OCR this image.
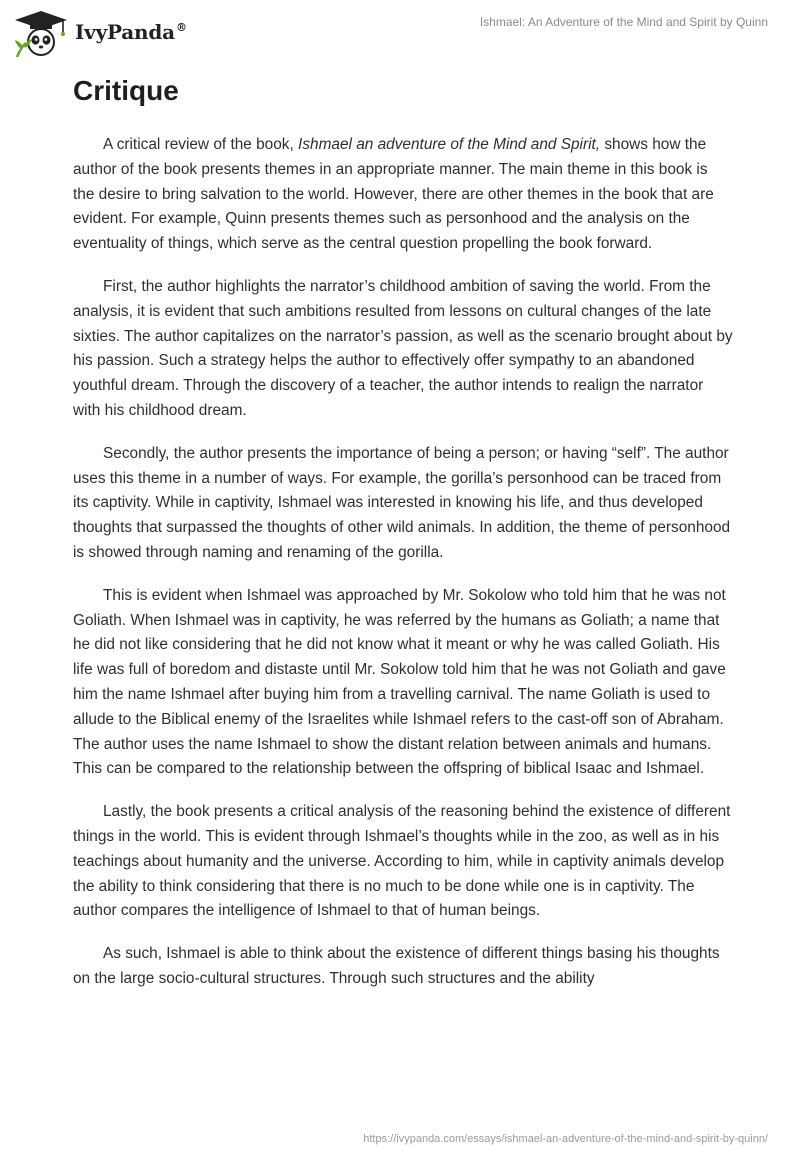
IvyPanda®	Ishmael: An Adventure of the Mind and Spirit by Quinn
Critique

A critical review of the book, Ishmael an adventure of the Mind and Spirit, shows how the author of the book presents themes in an appropriate manner. The main theme in this book is the desire to bring salvation to the world. However, there are other themes in the book that are evident. For example, Quinn presents themes such as personhood and the analysis on the eventuality of things, which serve as the central question propelling the book forward.

First, the author highlights the narrator’s childhood ambition of saving the world. From the analysis, it is evident that such ambitions resulted from lessons on cultural changes of the late sixties. The author capitalizes on the narrator’s passion, as well as the scenario brought about by his passion. Such a strategy helps the author to effectively offer sympathy to an abandoned youthful dream. Through the discovery of a teacher, the author intends to realign the narrator with his childhood dream.

Secondly, the author presents the importance of being a person; or having “self”. The author uses this theme in a number of ways. For example, the gorilla’s personhood can be traced from its captivity. While in captivity, Ishmael was interested in knowing his life, and thus developed thoughts that surpassed the thoughts of other wild animals. In addition, the theme of personhood is showed through naming and renaming of the gorilla.

This is evident when Ishmael was approached by Mr. Sokolow who told him that he was not Goliath. When Ishmael was in captivity, he was referred by the humans as Goliath; a name that he did not like considering that he did not know what it meant or why he was called Goliath. His life was full of boredom and distaste until Mr. Sokolow told him that he was not Goliath and gave him the name Ishmael after buying him from a travelling carnival. The name Goliath is used to allude to the Biblical enemy of the Israelites while Ishmael refers to the cast-off son of Abraham. The author uses the name Ishmael to show the distant relation between animals and humans. This can be compared to the relationship between the offspring of biblical Isaac and Ishmael.

Lastly, the book presents a critical analysis of the reasoning behind the existence of different things in the world. This is evident through Ishmael’s thoughts while in the zoo, as well as in his teachings about humanity and the universe. According to him, while in captivity animals develop the ability to think considering that there is no much to be done while one is in captivity. The author compares the intelligence of Ishmael to that of human beings.

As such, Ishmael is able to think about the existence of different things basing his thoughts on the large socio-cultural structures. Through such structures and the ability

https://ivypanda.com/essays/ishmael-an-adventure-of-the-mind-and-spirit-by-quinn/
